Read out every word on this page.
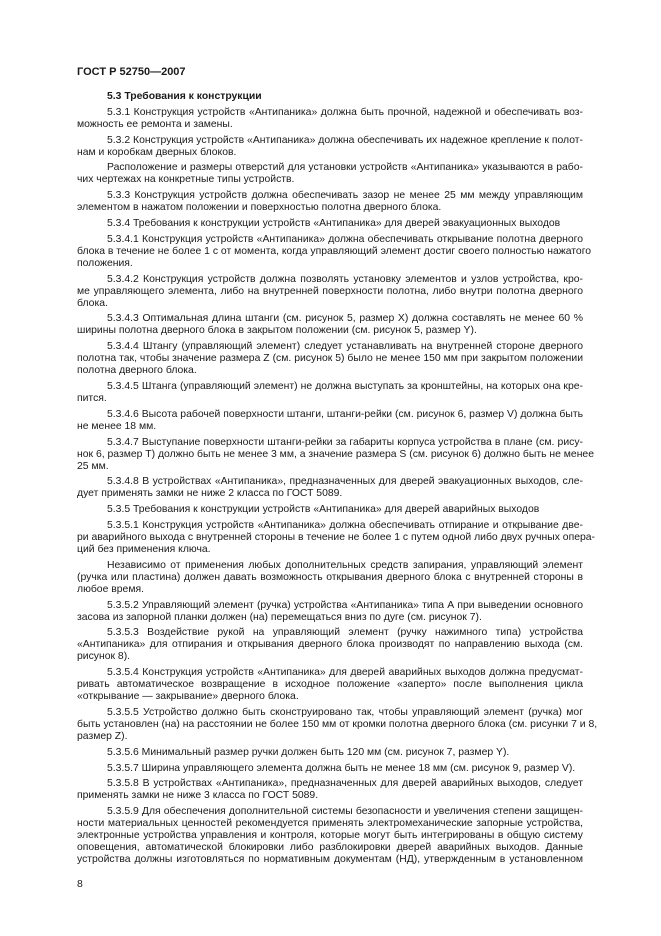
ГОСТ Р 52750—2007
5.3 Требования к конструкции
5.3.1 Конструкция устройств «Антипаника» должна быть прочной, надежной и обеспечивать воз-
можность ее ремонта и замены.
5.3.2 Конструкция устройств «Антипаника» должна обеспечивать их надежное крепление к полот-
нам и коробкам дверных блоков.
Расположение и размеры отверстий для установки устройств «Антипаника» указываются в рабо-
чих чертежах на конкретные типы устройств.
5.3.3 Конструкция устройств должна обеспечивать зазор не менее 25 мм между управляющим
элементом в нажатом положении и поверхностью полотна дверного блока.
5.3.4 Требования к конструкции устройств «Антипаника» для дверей эвакуационных выходов
5.3.4.1 Конструкция устройств «Антипаника» должна обеспечивать открывание полотна дверного
блока в течение не более 1 с от момента, когда управляющий элемент достиг своего полностью нажатого
положения.
5.3.4.2 Конструкция устройств должна позволять установку элементов и узлов устройства, кро-
ме управляющего элемента, либо на внутренней поверхности полотна, либо внутри полотна дверного
блока.
5.3.4.3 Оптимальная длина штанги (см. рисунок 5, размер X) должна составлять не менее 60 %
ширины полотна дверного блока в закрытом положении (см. рисунок 5, размер Y).
5.3.4.4 Штангу (управляющий элемент) следует устанавливать на внутренней стороне дверного
полотна так, чтобы значение размера Z (см. рисунок 5) было не менее 150 мм при закрытом положении
полотна дверного блока.
5.3.4.5 Штанга (управляющий элемент) не должна выступать за кронштейны, на которых она кре-
пится.
5.3.4.6 Высота рабочей поверхности штанги, штанги-рейки (см. рисунок 6, размер V) должна быть
не менее 18 мм.
5.3.4.7 Выступание поверхности штанги-рейки за габариты корпуса устройства в плане (см. рису-
нок 6, размер T) должно быть не менее 3 мм, а значение размера S (см. рисунок 6) должно быть не менее
25 мм.
5.3.4.8 В устройствах «Антипаника», предназначенных для дверей эвакуационных выходов, сле-
дует применять замки не ниже 2 класса по ГОСТ 5089.
5.3.5 Требования к конструкции устройств «Антипаника» для дверей аварийных выходов
5.3.5.1 Конструкция устройств «Антипаника» должна обеспечивать отпирание и открывание две-
ри аварийного выхода с внутренней стороны в течение не более 1 с путем одной либо двух ручных опера-
ций без применения ключа.
Независимо от применения любых дополнительных средств запирания, управляющий элемент
(ручка или пластина) должен давать возможность открывания дверного блока с внутренней стороны в
любое время.
5.3.5.2 Управляющий элемент (ручка) устройства «Антипаника» типа А при выведении основного
засова из запорной планки должен (на) перемещаться вниз по дуге (см. рисунок 7).
5.3.5.3 Воздействие рукой на управляющий элемент (ручку нажимного типа) устройства
«Антипаника» для отпирания и открывания дверного блока производят по направлению выхода (см.
рисунок 8).
5.3.5.4 Конструкция устройств «Антипаника» для дверей аварийных выходов должна предусмат-
ривать автоматическое возвращение в исходное положение «заперто» после выполнения цикла
«открывание — закрывание» дверного блока.
5.3.5.5 Устройство должно быть сконструировано так, чтобы управляющий элемент (ручка) мог
быть установлен (на) на расстоянии не более 150 мм от кромки полотна дверного блока (см. рисунки 7 и 8,
размер Z).
5.3.5.6 Минимальный размер ручки должен быть 120 мм (см. рисунок 7, размер Y).
5.3.5.7 Ширина управляющего элемента должна быть не менее 18 мм (см. рисунок 9, размер V).
5.3.5.8 В устройствах «Антипаника», предназначенных для дверей аварийных выходов, следует
применять замки не ниже 3 класса по ГОСТ 5089.
5.3.5.9 Для обеспечения дополнительной системы безопасности и увеличения степени защищен-
ности материальных ценностей рекомендуется применять электромеханические запорные устройства,
электронные устройства управления и контроля, которые могут быть интегрированы в общую систему
оповещения, автоматической блокировки либо разблокировки дверей аварийных выходов. Данные
устройства должны изготовляться по нормативным документам (НД), утвержденным в установленном
8
